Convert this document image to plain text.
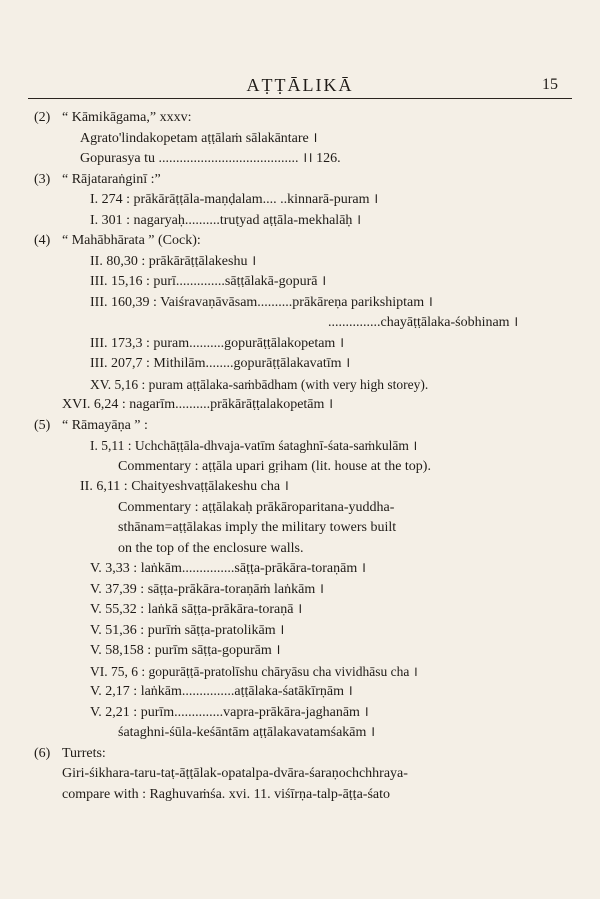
AṬṬĀLIKĀ	15
(2) “ Kāmikāgama,” xxxv:
Agrato'lindakopetam aṭṭālaṁ sālakāntare ।
Gopurasya tu ........................................ ।। 126.
(3) “ Rājataraṅginī :”
I. 274 : prākārāṭṭāla-maṇḍalam.... ..kinnarā-puram ।
I. 301 : nagaryaḥ..........truṭyad aṭṭāla-mekhalāḥ ।
(4) “ Mahābhārata ” (Cock):
II. 80,30 : prākārāṭṭālakeshu ।
III. 15,16 : purī..............sāṭṭālakā-gopurā ।
III. 160,39 : Vaiśravaṇāvāsam..........prākāreṇa parikshiptam ।
...............chayāṭṭālaka-śobhinam ।
III. 173,3 : puram..........gopurāṭṭālakopetam ।
III. 207,7 : Mithilām........gopurāṭṭālakavatīm ।
XV. 5,16 : puram aṭṭālaka-saṁbādham (with very high storey).
XVI. 6,24 : nagarīm..........prākārāṭṭalakopetām ।
(5) “ Rāmayāṇa ” :
I. 5,11 : Uchchāṭṭāla-dhvaja-vatīm śataghnī-śata-saṁkulām ।
Commentary : aṭṭāla upari gṛiham (lit. house at the top).
II. 6,11 : Chaityeshvaṭṭālakeshu cha ।
Commentary : aṭṭālakaḥ prākāroparitana-yuddha-
sthānam=aṭṭālakas imply the military towers built
on the top of the enclosure walls.
V. 3,33 : laṅkām...............sāṭṭa-prākāra-toraṇām ।
V. 37,39 : sāṭṭa-prākāra-toraṇāṁ laṅkām ।
V. 55,32 : laṅkā sāṭṭa-prākāra-toraṇā ।
V. 51,36 : purīṁ sāṭṭa-pratolikām ।
V. 58,158 : purīm sāṭṭa-gopurām ।
VI. 75, 6 : gopurāṭṭā-pratolīshu chāryāsu cha vividhāsu cha ।
V. 2,17 : laṅkām...............aṭṭālaka-śatākīrṇām ।
V. 2,21 : purīm..............vapra-prākāra-jaghanām ।
śataghni-śūla-keśāntām aṭṭālakavatamśakām ।
(6) Turrets:
Giri-śikhara-taru-taṭ-āṭṭālak-opatalpa-dvāra-śaraṇochchhraya-
compare with : Raghuvaṁśa. xvi. 11. viśīrṇa-talp-āṭṭa-śato
